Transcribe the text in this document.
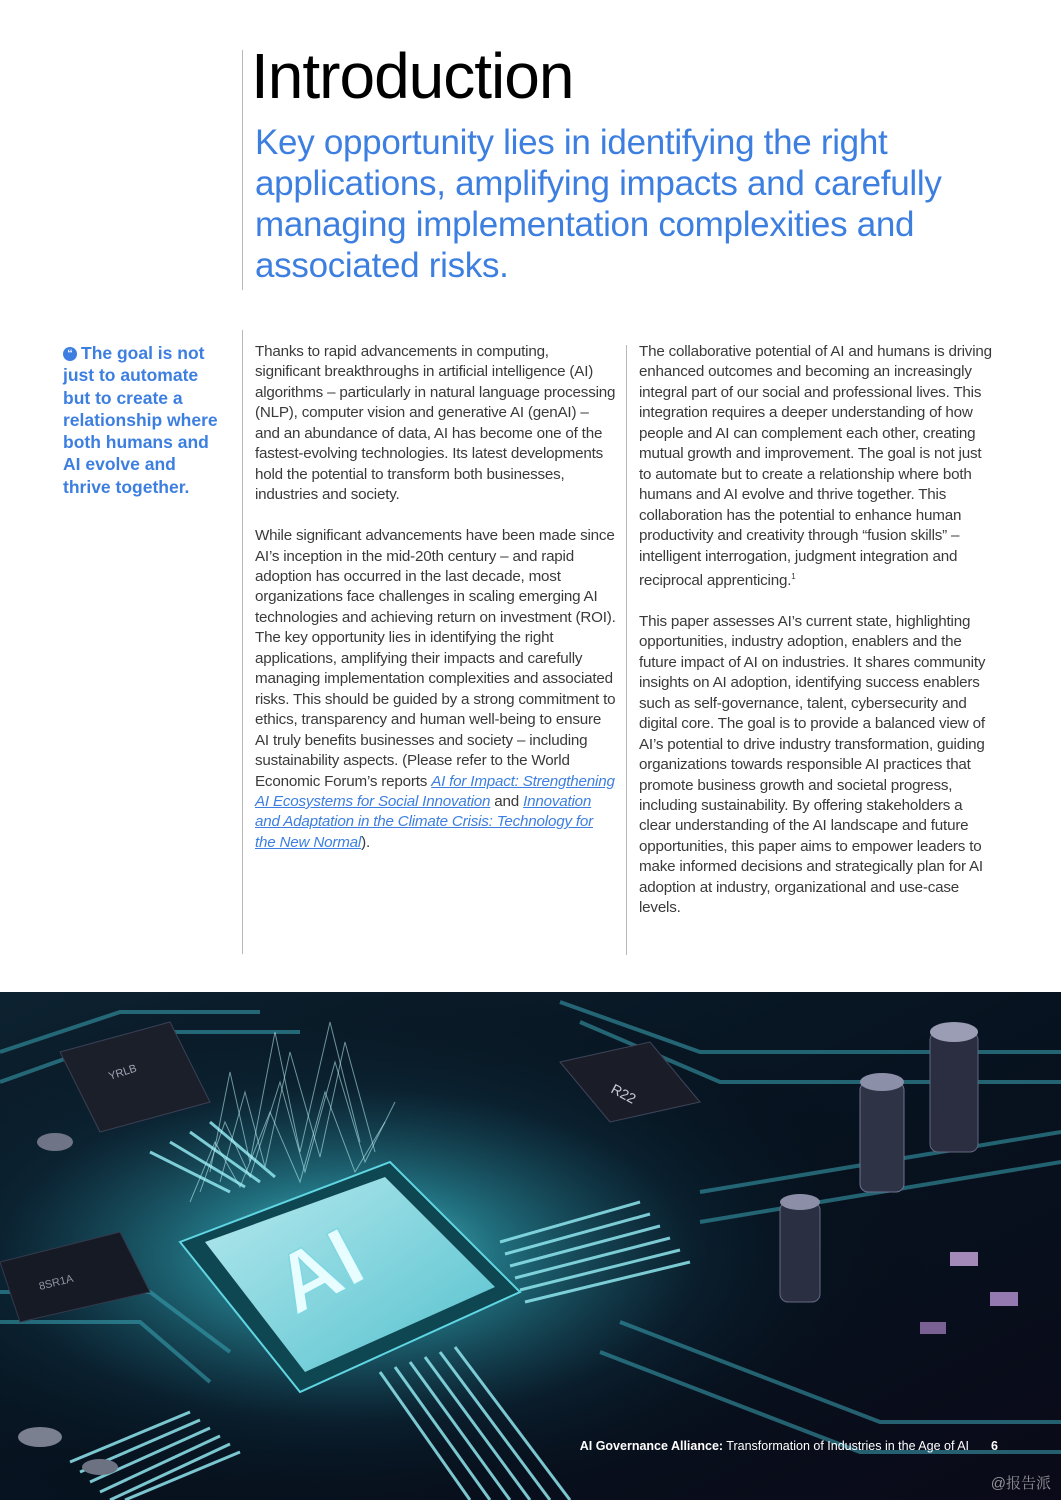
Introduction

Key opportunity lies in identifying the right applications, amplifying impacts and carefully managing implementation complexities and associated risks.

“ The goal is not just to automate but to create a relationship where both humans and AI evolve and thrive together.

Thanks to rapid advancements in computing, significant breakthroughs in artificial intelligence (AI) algorithms – particularly in natural language processing (NLP), computer vision and generative AI (genAI) – and an abundance of data, AI has become one of the fastest-evolving technologies. Its latest developments hold the potential to transform both businesses, industries and society.

While significant advancements have been made since AI’s inception in the mid-20th century – and rapid adoption has occurred in the last decade, most organizations face challenges in scaling emerging AI technologies and achieving return on investment (ROI). The key opportunity lies in identifying the right applications, amplifying their impacts and carefully managing implementation complexities and associated risks. This should be guided by a strong commitment to ethics, transparency and human well-being to ensure AI truly benefits businesses and society – including sustainability aspects. (Please refer to the World Economic Forum’s reports AI for Impact: Strengthening AI Ecosystems for Social Innovation and Innovation and Adaptation in the Climate Crisis: Technology for the New Normal).

The collaborative potential of AI and humans is driving enhanced outcomes and becoming an increasingly integral part of our social and professional lives. This integration requires a deeper understanding of how people and AI can complement each other, creating mutual growth and improvement. The goal is not just to automate but to create a relationship where both humans and AI evolve and thrive together. This collaboration has the potential to enhance human productivity and creativity through “fusion skills” – intelligent interrogation, judgment integration and reciprocal apprenticing.$^1$

This paper assesses AI’s current state, highlighting opportunities, industry adoption, enablers and the future impact of AI on industries. It shares community insights on AI adoption, identifying success enablers such as self-governance, talent, cybersecurity and digital core. The goal is to provide a balanced view of AI’s potential to drive industry transformation, guiding organizations towards responsible AI practices that promote business growth and societal progress, including sustainability. By offering stakeholders a clear understanding of the AI landscape and future opportunities, this paper aims to empower leaders to make informed decisions and strategically plan for AI adoption at industry, organizational and use-case levels.

AI
R22
YRLB
8SR1A
AI Governance Alliance: Transformation of Industries in the Age of AI 6
@报告派
